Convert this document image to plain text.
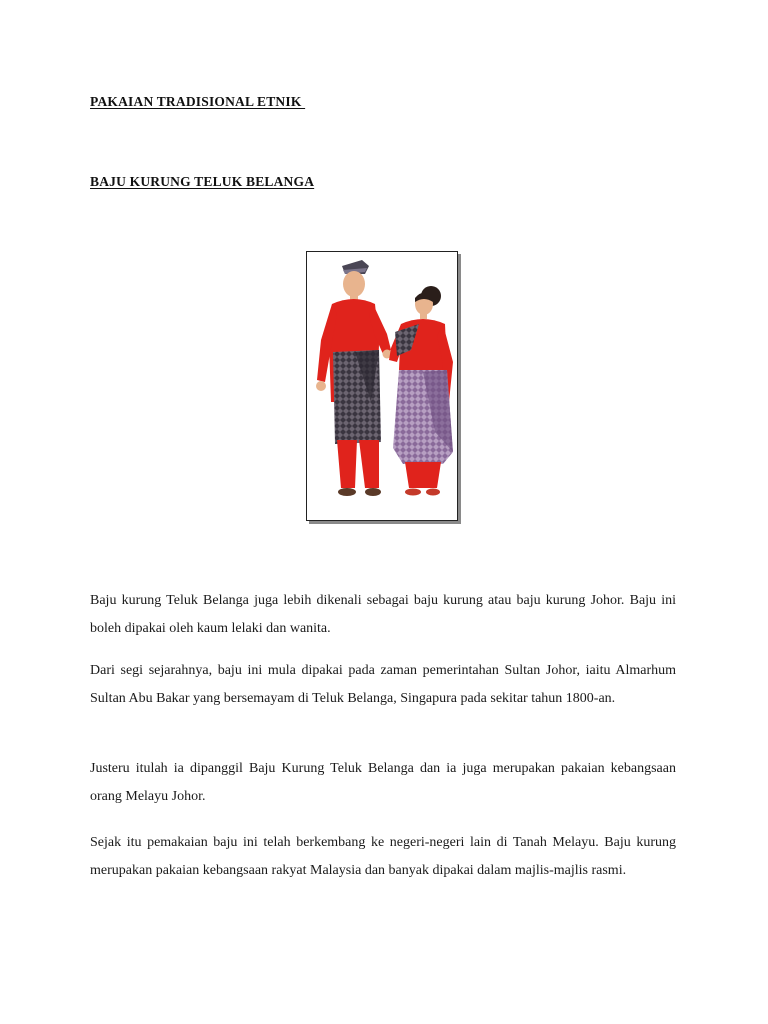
PAKAIAN TRADISIONAL ETNIK
BAJU KURUNG TELUK BELANGA

Baju kurung Teluk Belanga juga lebih dikenali sebagai baju kurung atau baju kurung Johor. Baju ini boleh dipakai oleh kaum lelaki dan wanita.

Dari segi sejarahnya, baju ini mula dipakai pada zaman pemerintahan Sultan Johor, iaitu Almarhum Sultan Abu Bakar yang bersemayam di Teluk Belanga, Singapura pada sekitar tahun 1800-an.

Justeru itulah ia dipanggil Baju Kurung Teluk Belanga dan ia juga merupakan pakaian kebangsaan orang Melayu Johor.

Sejak itu pemakaian baju ini telah berkembang ke negeri-negeri lain di Tanah Melayu. Baju kurung merupakan pakaian kebangsaan rakyat Malaysia dan banyak dipakai dalam majlis-majlis rasmi.
